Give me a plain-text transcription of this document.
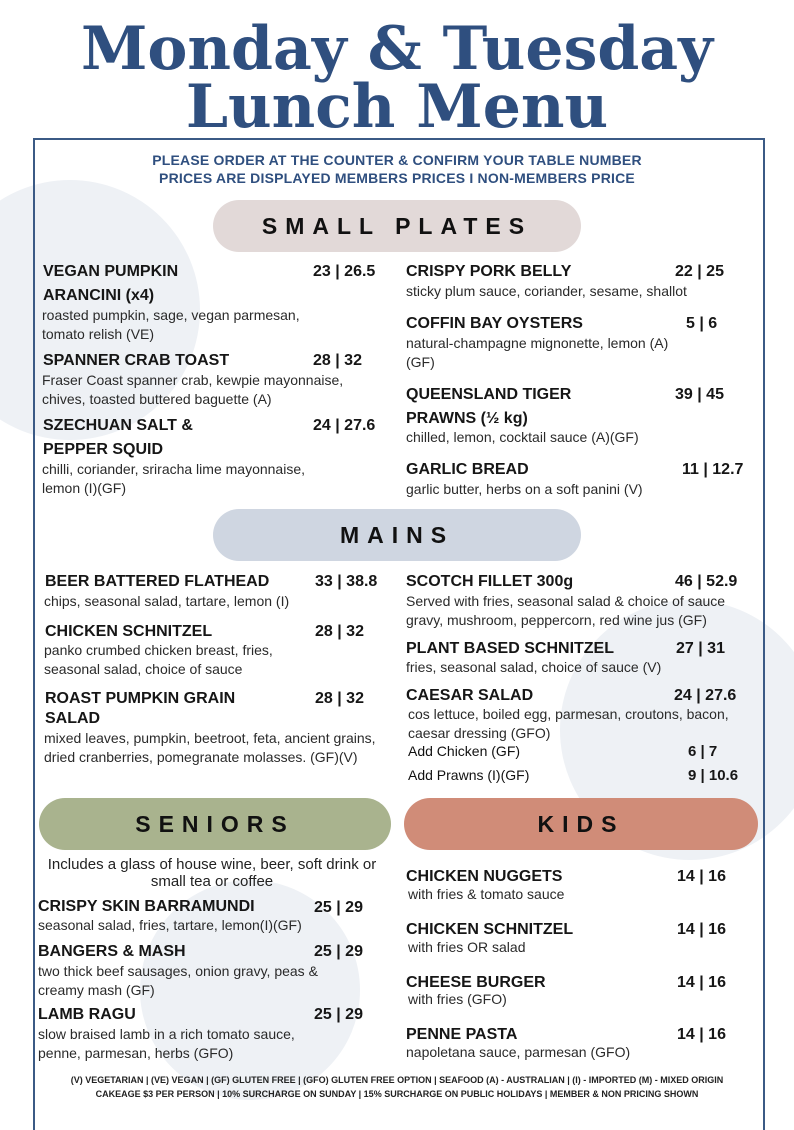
Monday & Tuesday
Lunch Menu
PLEASE ORDER AT THE COUNTER & CONFIRM YOUR TABLE NUMBER
PRICES ARE DISPLAYED MEMBERS PRICES I NON-MEMBERS PRICE
SMALL PLATES
VEGAN PUMPKIN
ARANCINI (x4)
23 | 26.5
roasted pumpkin, sage, vegan parmesan, tomato relish (VE)
SPANNER CRAB TOAST	28 | 32
Fraser Coast spanner crab, kewpie mayonnaise, chives, toasted buttered baguette (A)
SZECHUAN SALT &
PEPPER SQUID
24 | 27.6
chilli, coriander, sriracha lime mayonnaise, lemon (I)(GF)
CRISPY PORK BELLY	22 | 25
sticky plum sauce, coriander, sesame, shallot
COFFIN BAY OYSTERS	5 | 6
natural-champagne mignonette, lemon (A)(GF)
QUEENSLAND TIGER
PRAWNS (½ kg)
39 | 45
chilled, lemon, cocktail sauce (A)(GF)
GARLIC BREAD	11 | 12.7
garlic butter, herbs on a soft panini (V)
MAINS
BEER BATTERED FLATHEAD	33 | 38.8
chips, seasonal salad, tartare, lemon (I)
CHICKEN SCHNITZEL	28 | 32
panko crumbed chicken breast, fries, seasonal salad, choice of sauce
ROAST PUMPKIN GRAIN
SALAD
28 | 32
mixed leaves, pumpkin, beetroot, feta, ancient grains, dried cranberries, pomegranate molasses. (GF)(V)
SCOTCH FILLET 300g	46 | 52.9
Served with fries, seasonal salad & choice of sauce gravy, mushroom, peppercorn, red wine jus (GF)
PLANT BASED SCHNITZEL	27 | 31
fries, seasonal salad, choice of sauce (V)
CAESAR SALAD	24 | 27.6
cos lettuce, boiled egg, parmesan, croutons, bacon, caesar dressing (GFO)
Add Chicken (GF)	6 | 7
Add Prawns (I)(GF)	9 | 10.6
SENIORS
Includes a glass of house wine, beer, soft drink or small tea or coffee
CRISPY SKIN BARRAMUNDI	25 | 29
seasonal salad, fries, tartare, lemon(I)(GF)
BANGERS & MASH	25 | 29
two thick beef sausages, onion gravy, peas & creamy mash (GF)
LAMB RAGU	25 | 29
slow braised lamb in a rich tomato sauce, penne, parmesan, herbs (GFO)
KIDS
CHICKEN NUGGETS	14 | 16
with fries & tomato sauce
CHICKEN SCHNITZEL	14 | 16
with fries OR salad
CHEESE BURGER	14 | 16
with fries (GFO)
PENNE PASTA	14 | 16
napoletana sauce, parmesan (GFO)
(V) VEGETARIAN | (VE) VEGAN | (GF) GLUTEN FREE | (GFO) GLUTEN FREE OPTION | SEAFOOD (A) - AUSTRALIAN | (I) - IMPORTED (M) - MIXED ORIGIN
CAKEAGE $3 PER PERSON | 10% SURCHARGE ON SUNDAY | 15% SURCHARGE ON PUBLIC HOLIDAYS | MEMBER & NON PRICING SHOWN
